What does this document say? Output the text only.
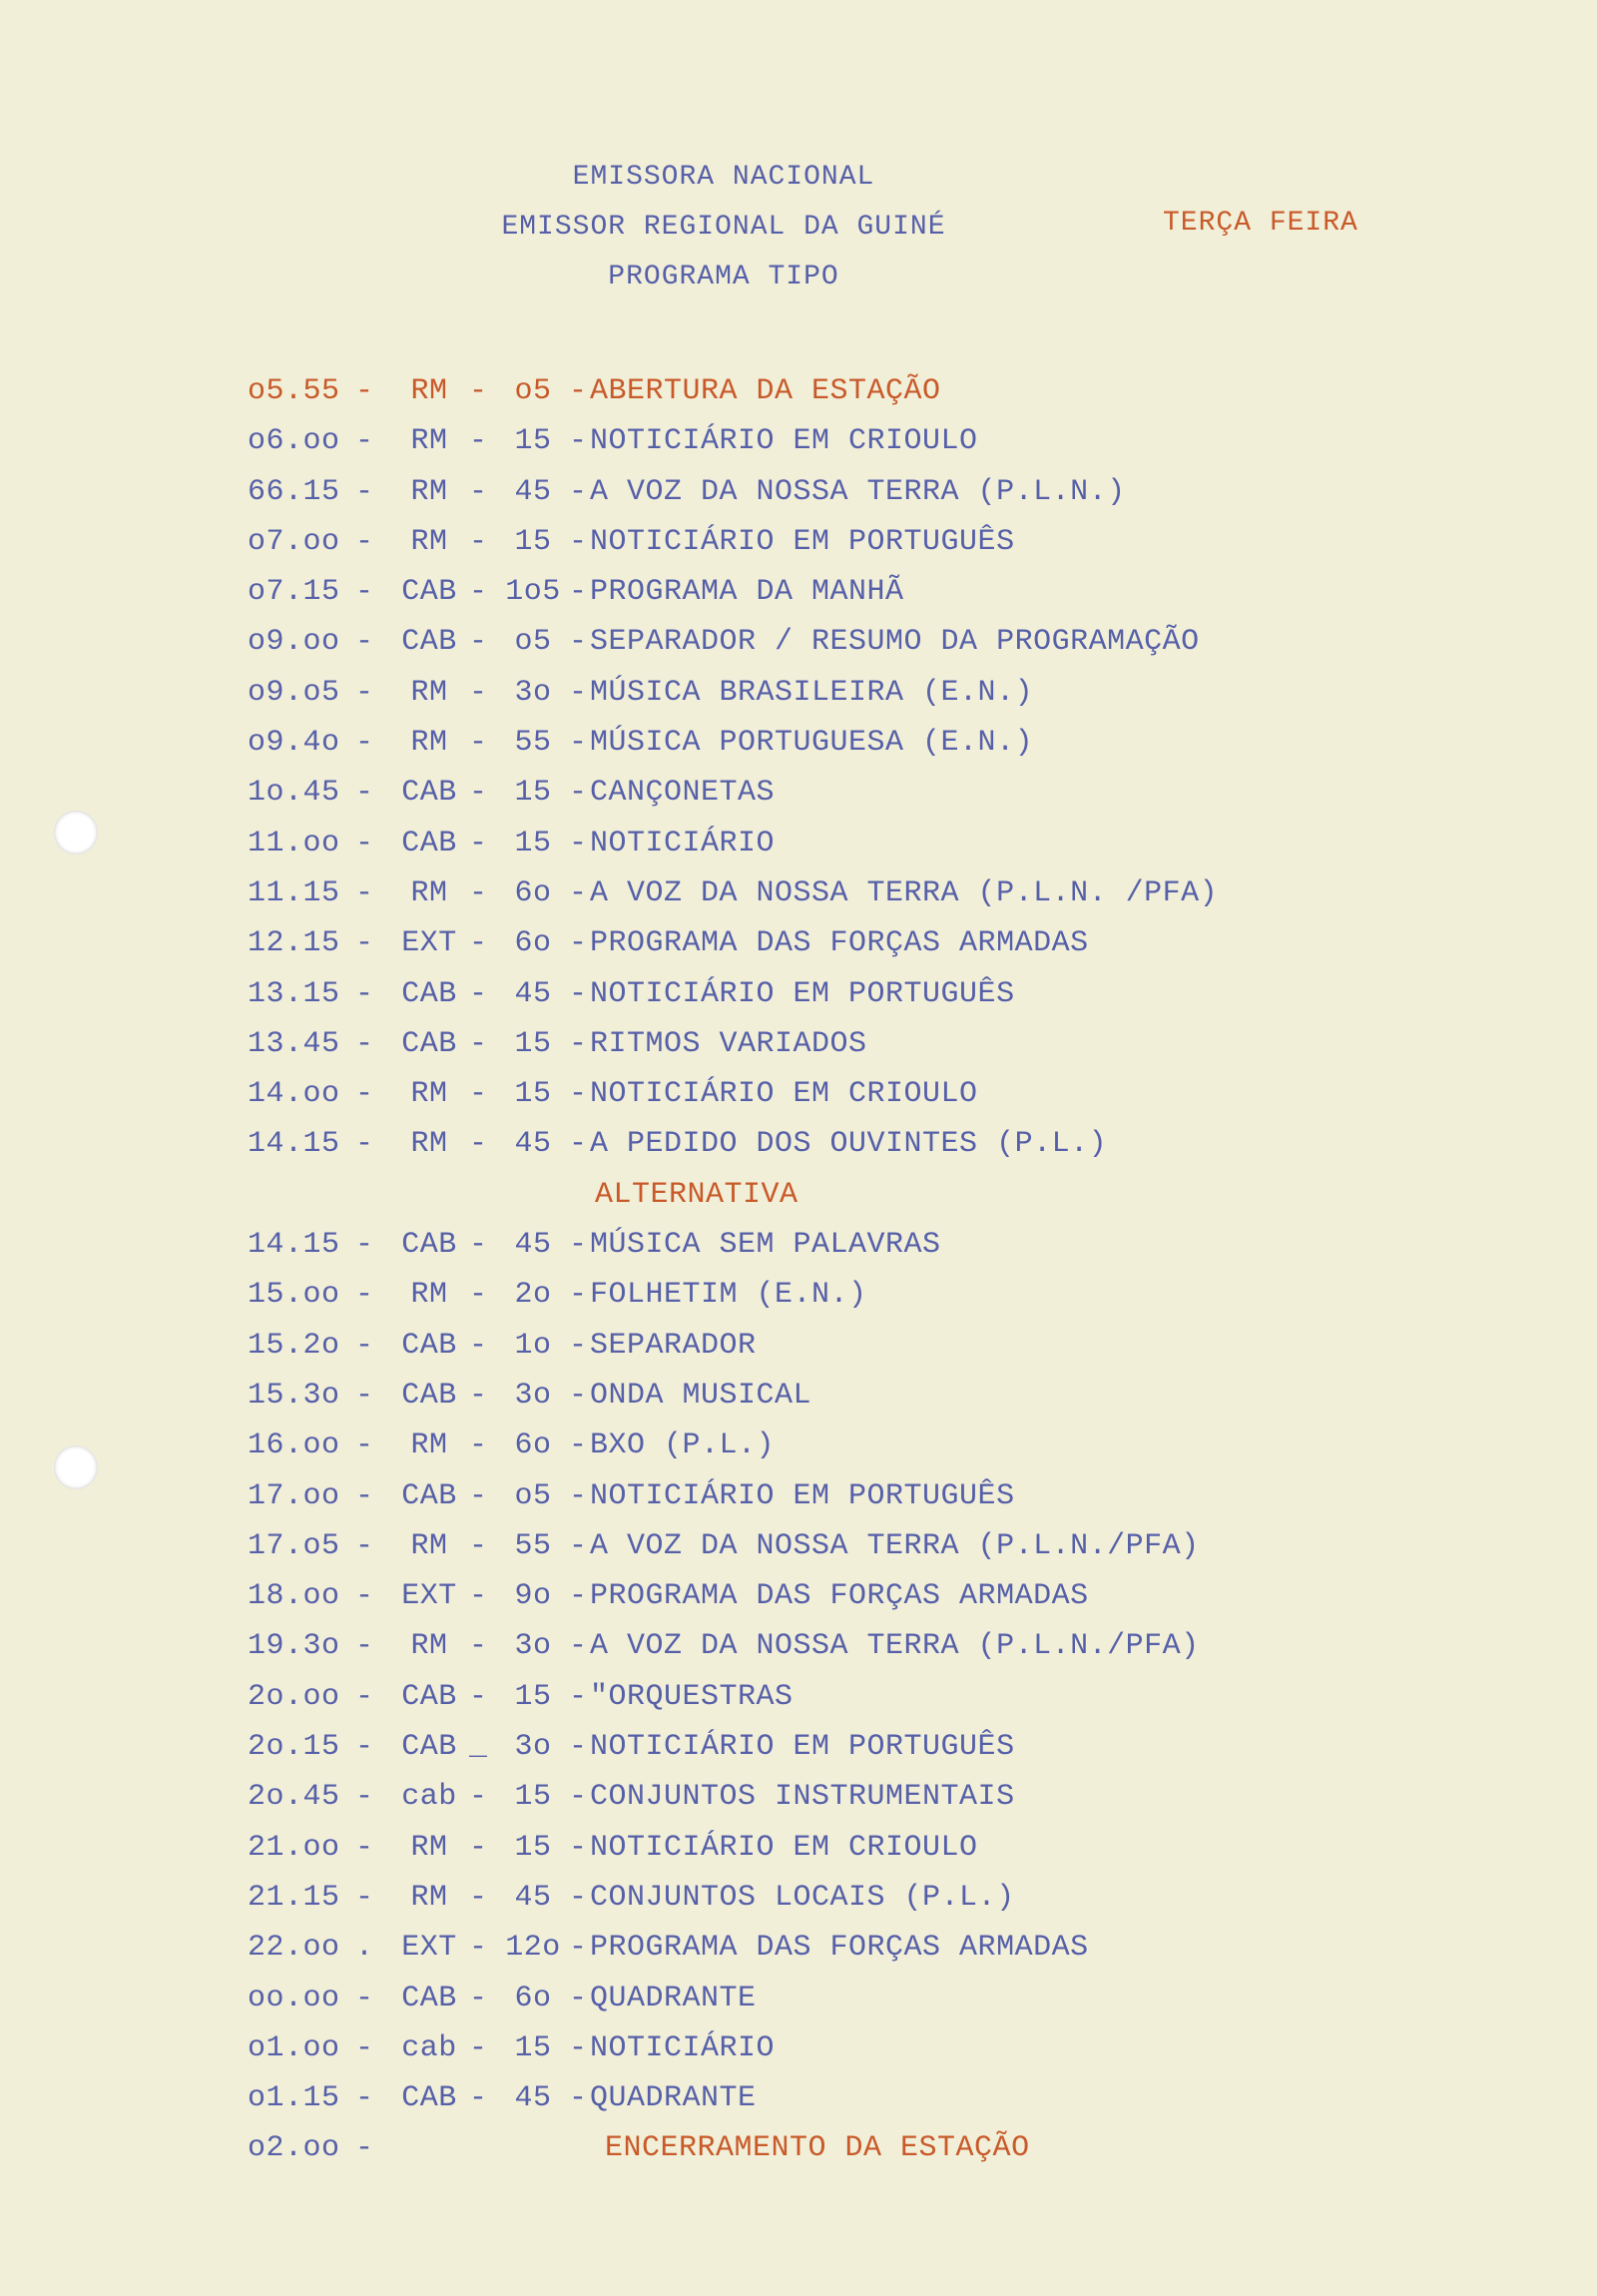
EMISSORA NACIONAL
EMISSOR REGIONAL DA GUINÉ
PROGRAMA TIPO
TERÇA FEIRA
o5.55 -	RM - o5 - ABERTURA DA ESTAÇÃO
o6.oo -	RM - 15 - NOTICIÁRIO EM CRIOULO
66.15 -	RM - 45 - A VOZ DA NOSSA TERRA (P.L.N.)
o7.oo -	RM - 15 - NOTICIÁRIO EM PORTUGUÊS
o7.15 - CAB - 1o5 - PROGRAMA DA MANHÃ
o9.oo - CAB - o5 - SEPARADOR / RESUMO DA PROGRAMAÇÃO
o9.o5 -	RM - 3o - MÚSICA BRASILEIRA (E.N.)
o9.4o -	RM - 55 - MÚSICA PORTUGUESA (E.N.)
1o.45 - CAB - 15 - CANÇONETAS
11.oo - CAB - 15 - NOTICIÁRIO
11.15 -	RM - 6o - A VOZ DA NOSSA TERRA (P.L.N. /PFA)
12.15 - EXT - 6o - PROGRAMA DAS FORÇAS ARMADAS
13.15 - CAB - 45 - NOTICIÁRIO EM PORTUGUÊS
13.45 - CAB - 15 - RITMOS VARIADOS
14.oo -	RM - 15 - NOTICIÁRIO EM CRIOULO
14.15 -	RM - 45 - A PEDIDO DOS OUVINTES (P.L.)
ALTERNATIVA
14.15 - CAB - 45 - MÚSICA SEM PALAVRAS
15.oo -	RM - 2o - FOLHETIM (E.N.)
15.2o - CAB - 1o - SEPARADOR
15.3o - CAB - 3o - ONDA MUSICAL
16.oo -	RM - 6o - BXO (P.L.)
17.oo - CAB - o5 - NOTICIÁRIO EM PORTUGUÊS
17.o5 -	RM - 55 - A VOZ DA NOSSA TERRA (P.L.N./PFA)
18.oo - EXT - 9o - PROGRAMA DAS FORÇAS ARMADAS
19.3o -	RM - 3o - A VOZ DA NOSSA TERRA (P.L.N./PFA)
2o.oo - CAB - 15 - "ORQUESTRAS
2o.15 - CAB _ 3o - NOTICIÁRIO EM PORTUGUÊS
2o.45 - cab - 15 - CONJUNTOS INSTRUMENTAIS
21.oo -	RM - 15 - NOTICIÁRIO EM CRIOULO
21.15 -	RM - 45 - CONJUNTOS LOCAIS (P.L.)
22.oo . EXT - 12o - PROGRAMA DAS FORÇAS ARMADAS
oo.oo - CAB - 6o - QUADRANTE
o1.oo - cab - 15 - NOTICIÁRIO
o1.15 - CAB - 45 - QUADRANTE
o2.oo -	ENCERRAMENTO DA ESTAÇÃO
